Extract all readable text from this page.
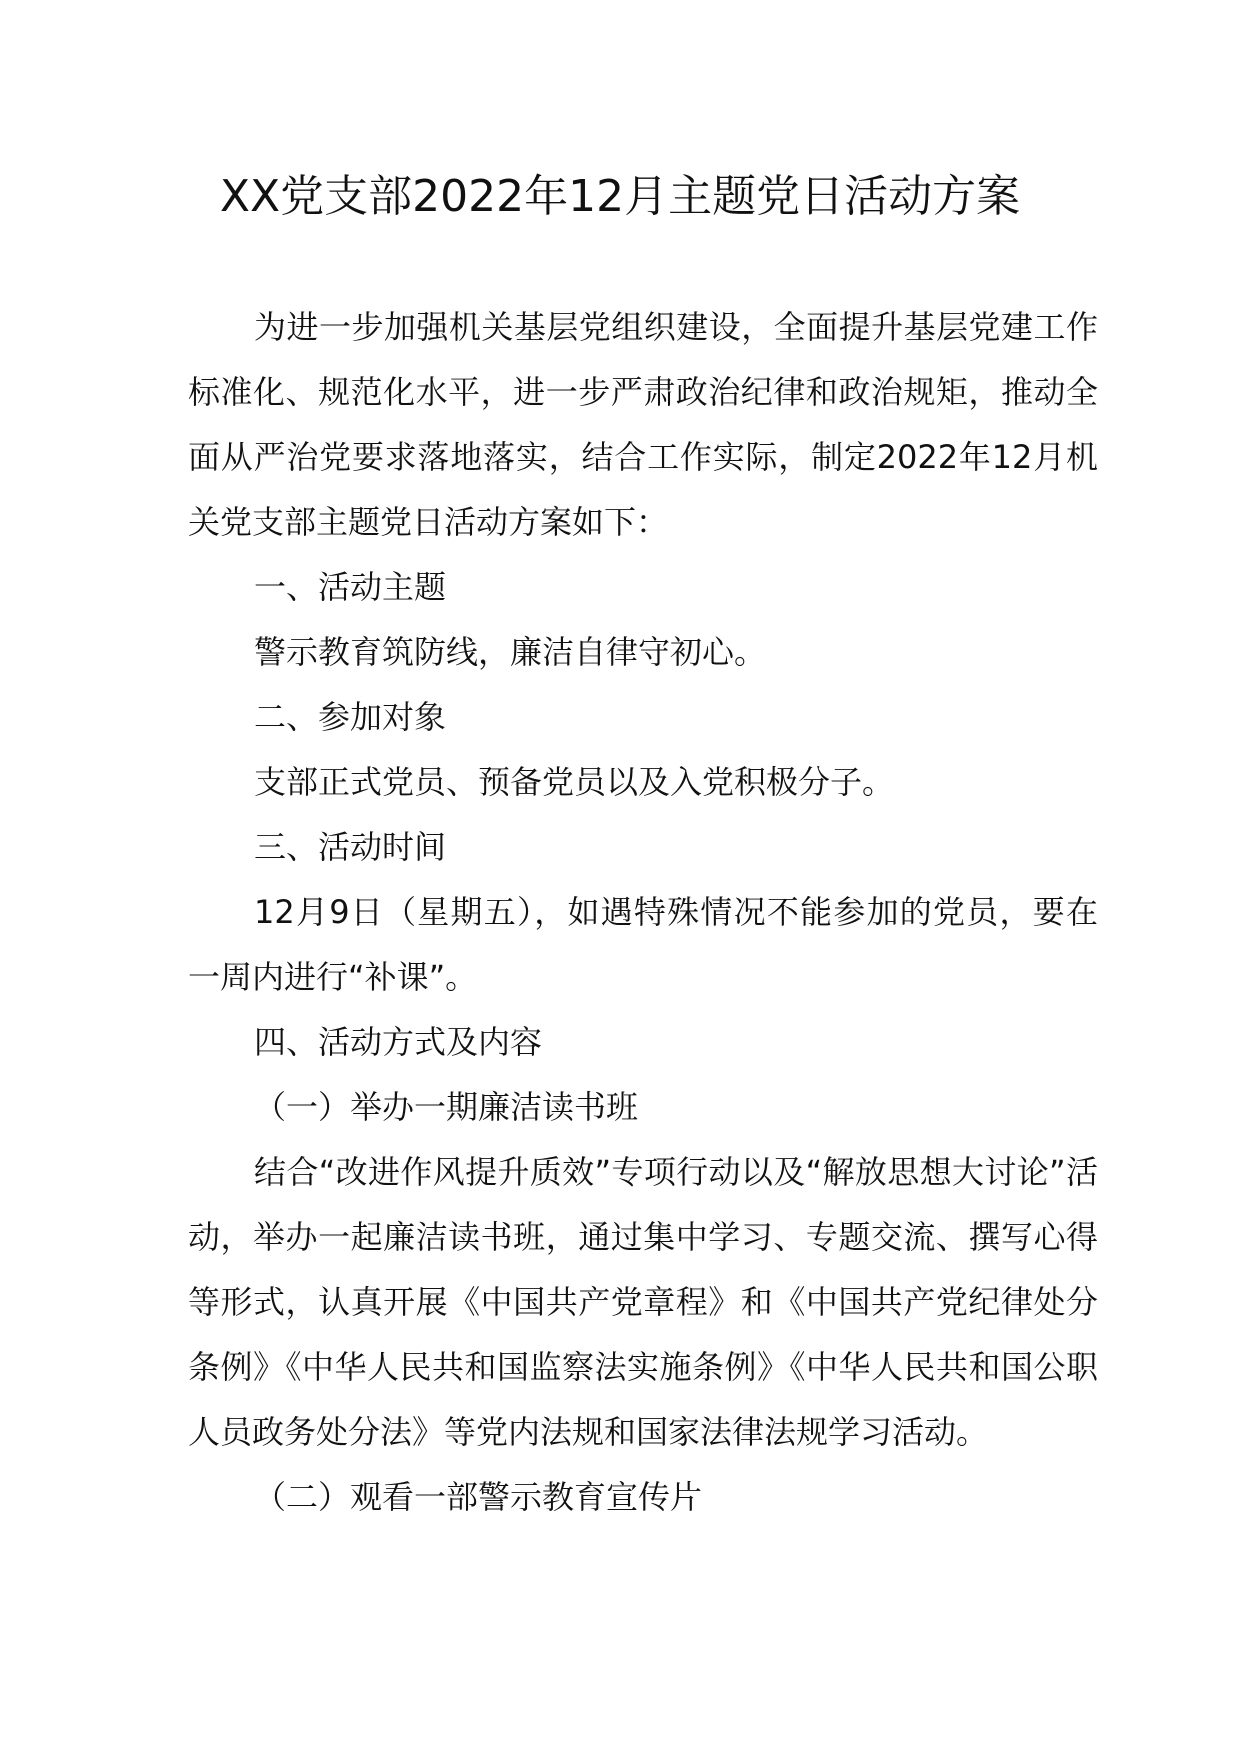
XX党支部2022年12月主题党日活动方案

为进一步加强机关基层党组织建设，全面提升基层党建工作标准化、规范化水平，进一步严肃政治纪律和政治规矩，推动全面从严治党要求落地落实，结合工作实际，制定2022年12月机关党支部主题党日活动方案如下：

一、活动主题

警示教育筑防线，廉洁自律守初心。

二、参加对象

支部正式党员、预备党员以及入党积极分子。

三、活动时间

12月9日（星期五），如遇特殊情况不能参加的党员，要在一周内进行“补课”。

四、活动方式及内容

（一）举办一期廉洁读书班

结合“改进作风提升质效”专项行动以及“解放思想大讨论”活动，举办一起廉洁读书班，通过集中学习、专题交流、撰写心得等形式，认真开展《中国共产党章程》和《中国共产党纪律处分条例》《中华人民共和国监察法实施条例》《中华人民共和国公职人员政务处分法》等党内法规和国家法律法规学习活动。

（二）观看一部警示教育宣传片
